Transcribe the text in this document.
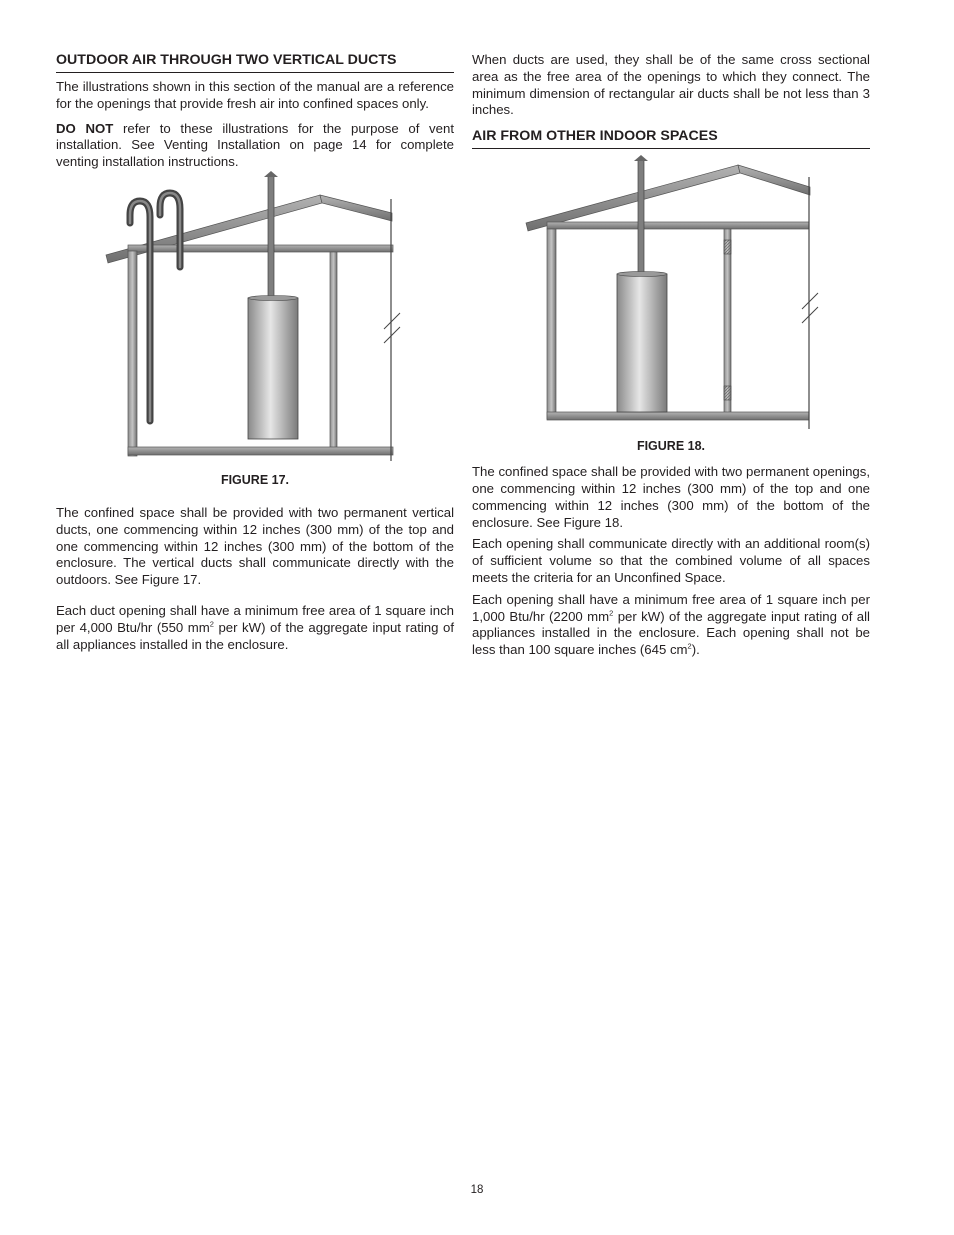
OUTDOOR AIR THROUGH TWO VERTICAL DUCTS

The illustrations shown in this section of the manual are a reference for the openings that provide fresh air into confined spaces only.

DO NOT refer to these illustrations for the purpose of vent installation. See Venting Installation on page 14 for complete venting installation instructions.

FIGURE 17.

The confined space shall be provided with two permanent vertical ducts, one commencing within 12 inches (300 mm) of the top and one commencing within 12 inches (300 mm) of the bottom of the enclosure. The vertical ducts shall communicate directly with the outdoors. See Figure 17.

Each duct opening shall have a minimum free area of 1 square inch per 4,000 Btu/hr (550 $mm^2$ per kW) of the aggregate input rating of all appliances installed in the enclosure.

When ducts are used, they shall be of the same cross sectional area as the free area of the openings to which they connect. The minimum dimension of rectangular air ducts shall be not less than 3 inches.

AIR FROM OTHER INDOOR SPACES
FIGURE 18.

The confined space shall be provided with two permanent openings, one commencing within 12 inches (300 mm) of the top and one commencing within 12 inches (300 mm) of the bottom of the enclosure. See Figure 18.

Each opening shall communicate directly with an additional room(s) of sufficient volume so that the combined volume of all spaces meets the criteria for an Unconfined Space.

Each opening shall have a minimum free area of 1 square inch per 1,000 Btu/hr (2200 $mm^2$ per kW) of the aggregate input rating of all appliances installed in the enclosure. Each opening shall not be less than 100 square inches (645 $cm^2$).

18
